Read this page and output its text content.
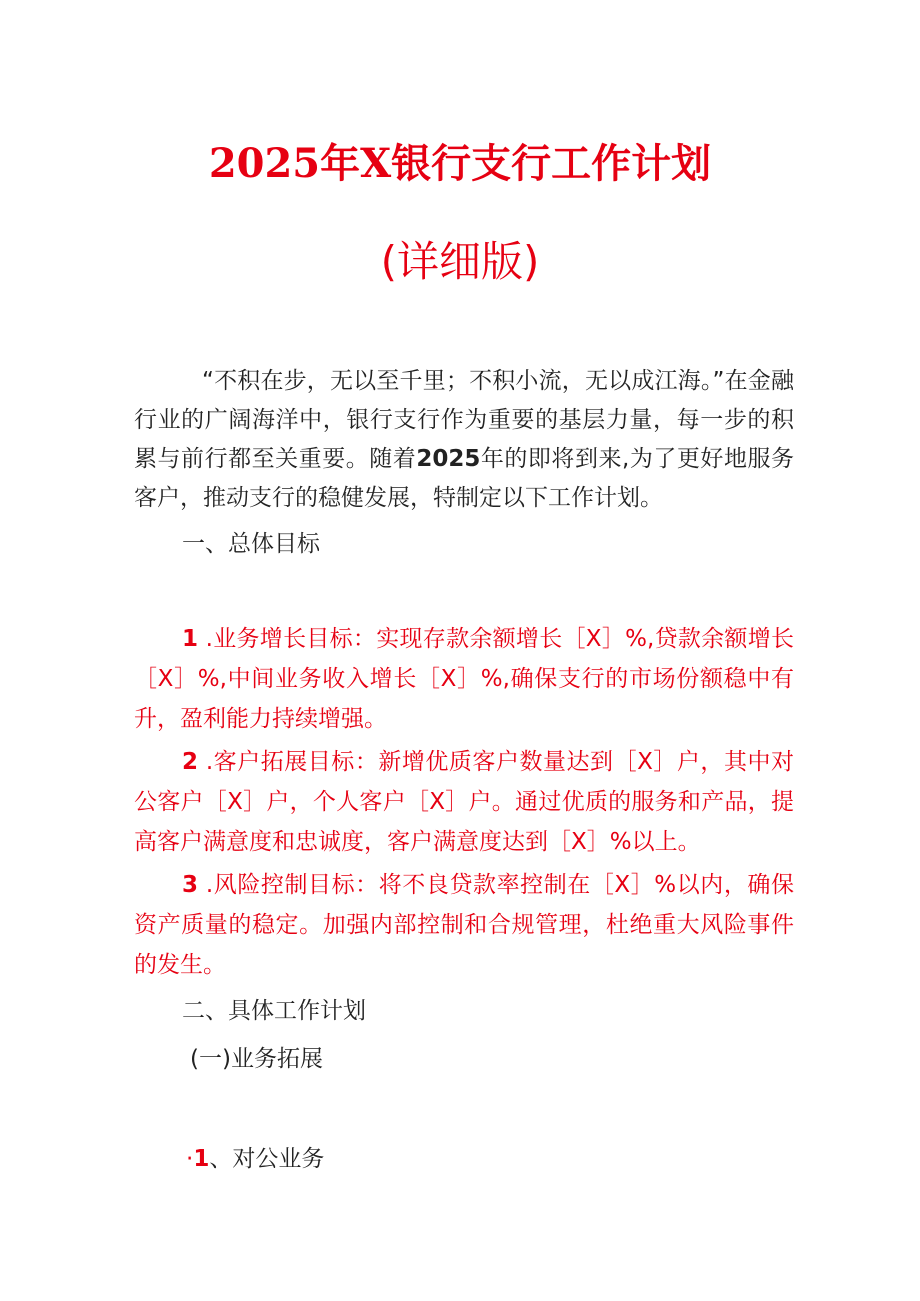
2025年X银行支行工作计划
(详细版)
“不积在步，无以至千里；不积小流，无以成江海。”在金融行业的广阔海洋中，银行支行作为重要的基层力量，每一步的积累与前行都至关重要。随着2025年的即将到来,为了更好地服务客户，推动支行的稳健发展，特制定以下工作计划。
一、总体目标
1 .业务增长目标：实现存款余额增长［X］%,贷款余额增长［X］%,中间业务收入增长［X］%,确保支行的市场份额稳中有升，盈利能力持续增强。
2 .客户拓展目标：新增优质客户数量达到［X］户，其中对公客户［X］户，个人客户［X］户。通过优质的服务和产品，提高客户满意度和忠诚度，客户满意度达到［X］%以上。
3 .风险控制目标：将不良贷款率控制在［X］%以内，确保资产质量的稳定。加强内部控制和合规管理，杜绝重大风险事件的发生。
二、具体工作计划
(一)业务拓展
·1、对公业务
